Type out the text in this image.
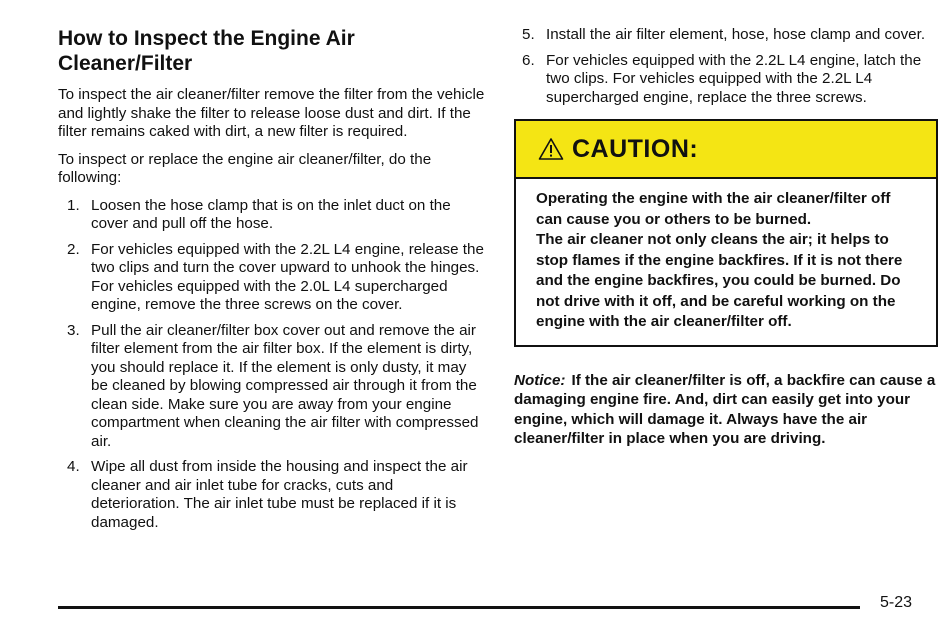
How to Inspect the Engine Air Cleaner/Filter

To inspect the air cleaner/filter remove the filter from the vehicle and lightly shake the filter to release loose dust and dirt. If the filter remains caked with dirt, a new filter is required.

To inspect or replace the engine air cleaner/filter, do the following:

1. Loosen the hose clamp that is on the inlet duct on the cover and pull off the hose.
2. For vehicles equipped with the 2.2L L4 engine, release the two clips and turn the cover upward to unhook the hinges. For vehicles equipped with the 2.0L L4 supercharged engine, remove the three screws on the cover.
3. Pull the air cleaner/filter box cover out and remove the air filter element from the air filter box. If the element is dirty, you should replace it. If the element is only dusty, it may be cleaned by blowing compressed air through it from the clean side. Make sure you are away from your engine compartment when cleaning the air filter with compressed air.
4. Wipe all dust from inside the housing and inspect the air cleaner and air inlet tube for cracks, cuts and deterioration. The air inlet tube must be replaced if it is damaged.
5. Install the air filter element, hose, hose clamp and cover.
6. For vehicles equipped with the 2.2L L4 engine, latch the two clips. For vehicles equipped with the 2.2L L4 supercharged engine, replace the three screws.
CAUTION:

Operating the engine with the air cleaner/filter off can cause you or others to be burned.

The air cleaner not only cleans the air; it helps to stop flames if the engine backfires. If it is not there and the engine backfires, you could be burned. Do not drive with it off, and be careful working on the engine with the air cleaner/filter off.

Notice: If the air cleaner/filter is off, a backfire can cause a damaging engine fire. And, dirt can easily get into your engine, which will damage it. Always have the air cleaner/filter in place when you are driving.
5-23
